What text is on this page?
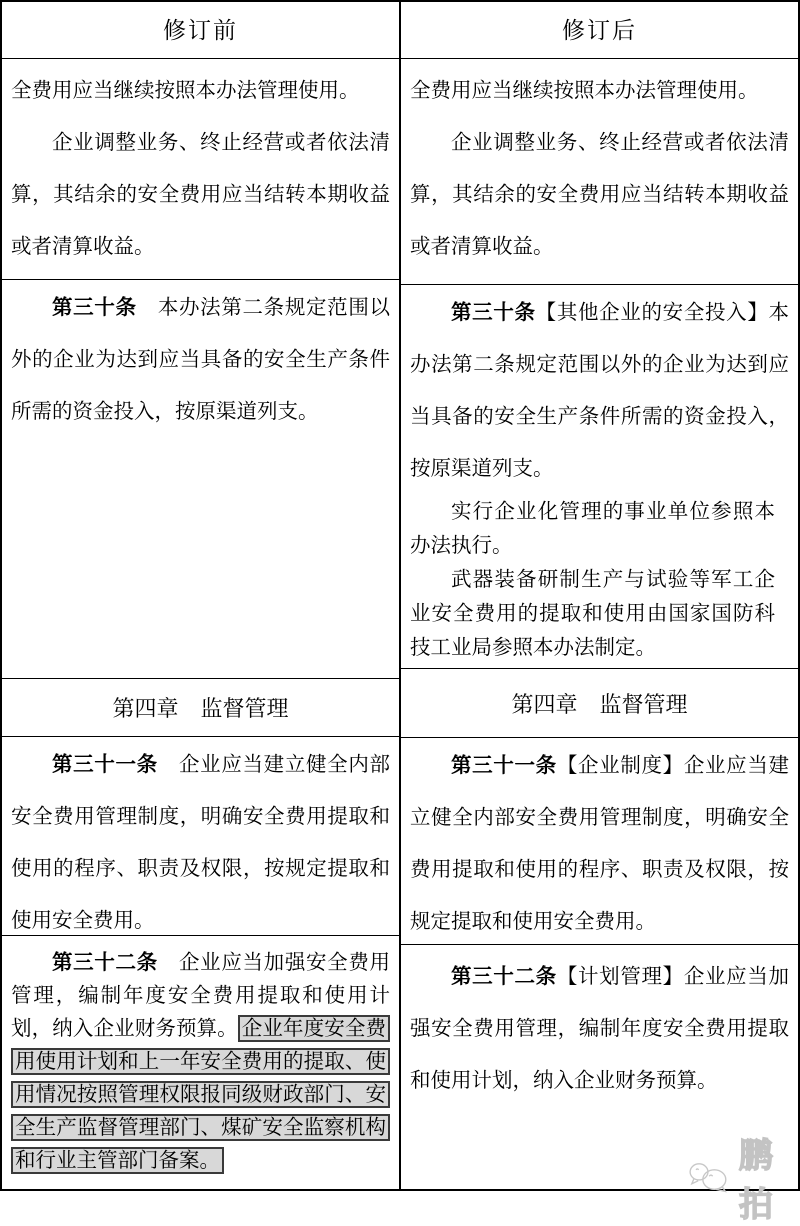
修订前

全费用应当继续按照本办法管理使用。

企业调整业务、终止经营或者依法清算，其结余的安全费用应当结转本期收益或者清算收益。

第三十条　本办法第二条规定范围以外的企业为达到应当具备的安全生产条件所需的资金投入，按原渠道列支。

第四章　监督管理

第三十一条　企业应当建立健全内部安全费用管理制度，明确安全费用提取和使用的程序、职责及权限，按规定提取和使用安全费用。

第三十二条　企业应当加强安全费用管理，编制年度安全费用提取和使用计划，纳入企业财务预算。 企业年度安全费用使用计划和上一年安全费用的提取、使用情况按照管理权限报同级财政部门、安全生产监督管理部门、煤矿安全监察机构和行业主管部门备案。

修订后

全费用应当继续按照本办法管理使用。

企业调整业务、终止经营或者依法清算，其结余的安全费用应当结转本期收益或者清算收益。

第三十条【其他企业的安全投入】本办法第二条规定范围以外的企业为达到应当具备的安全生产条件所需的资金投入，按原渠道列支。

实行企业化管理的事业单位参照本办法执行。

武器装备研制生产与试验等军工企业安全费用的提取和使用由国家国防科技工业局参照本办法制定。

第四章　监督管理

第三十一条【企业制度】企业应当建立健全内部安全费用管理制度，明确安全费用提取和使用的程序、职责及权限，按规定提取和使用安全费用。

第三十二条【计划管理】企业应当加强安全费用管理，编制年度安全费用提取和使用计划，纳入企业财务预算。

鹏拍
